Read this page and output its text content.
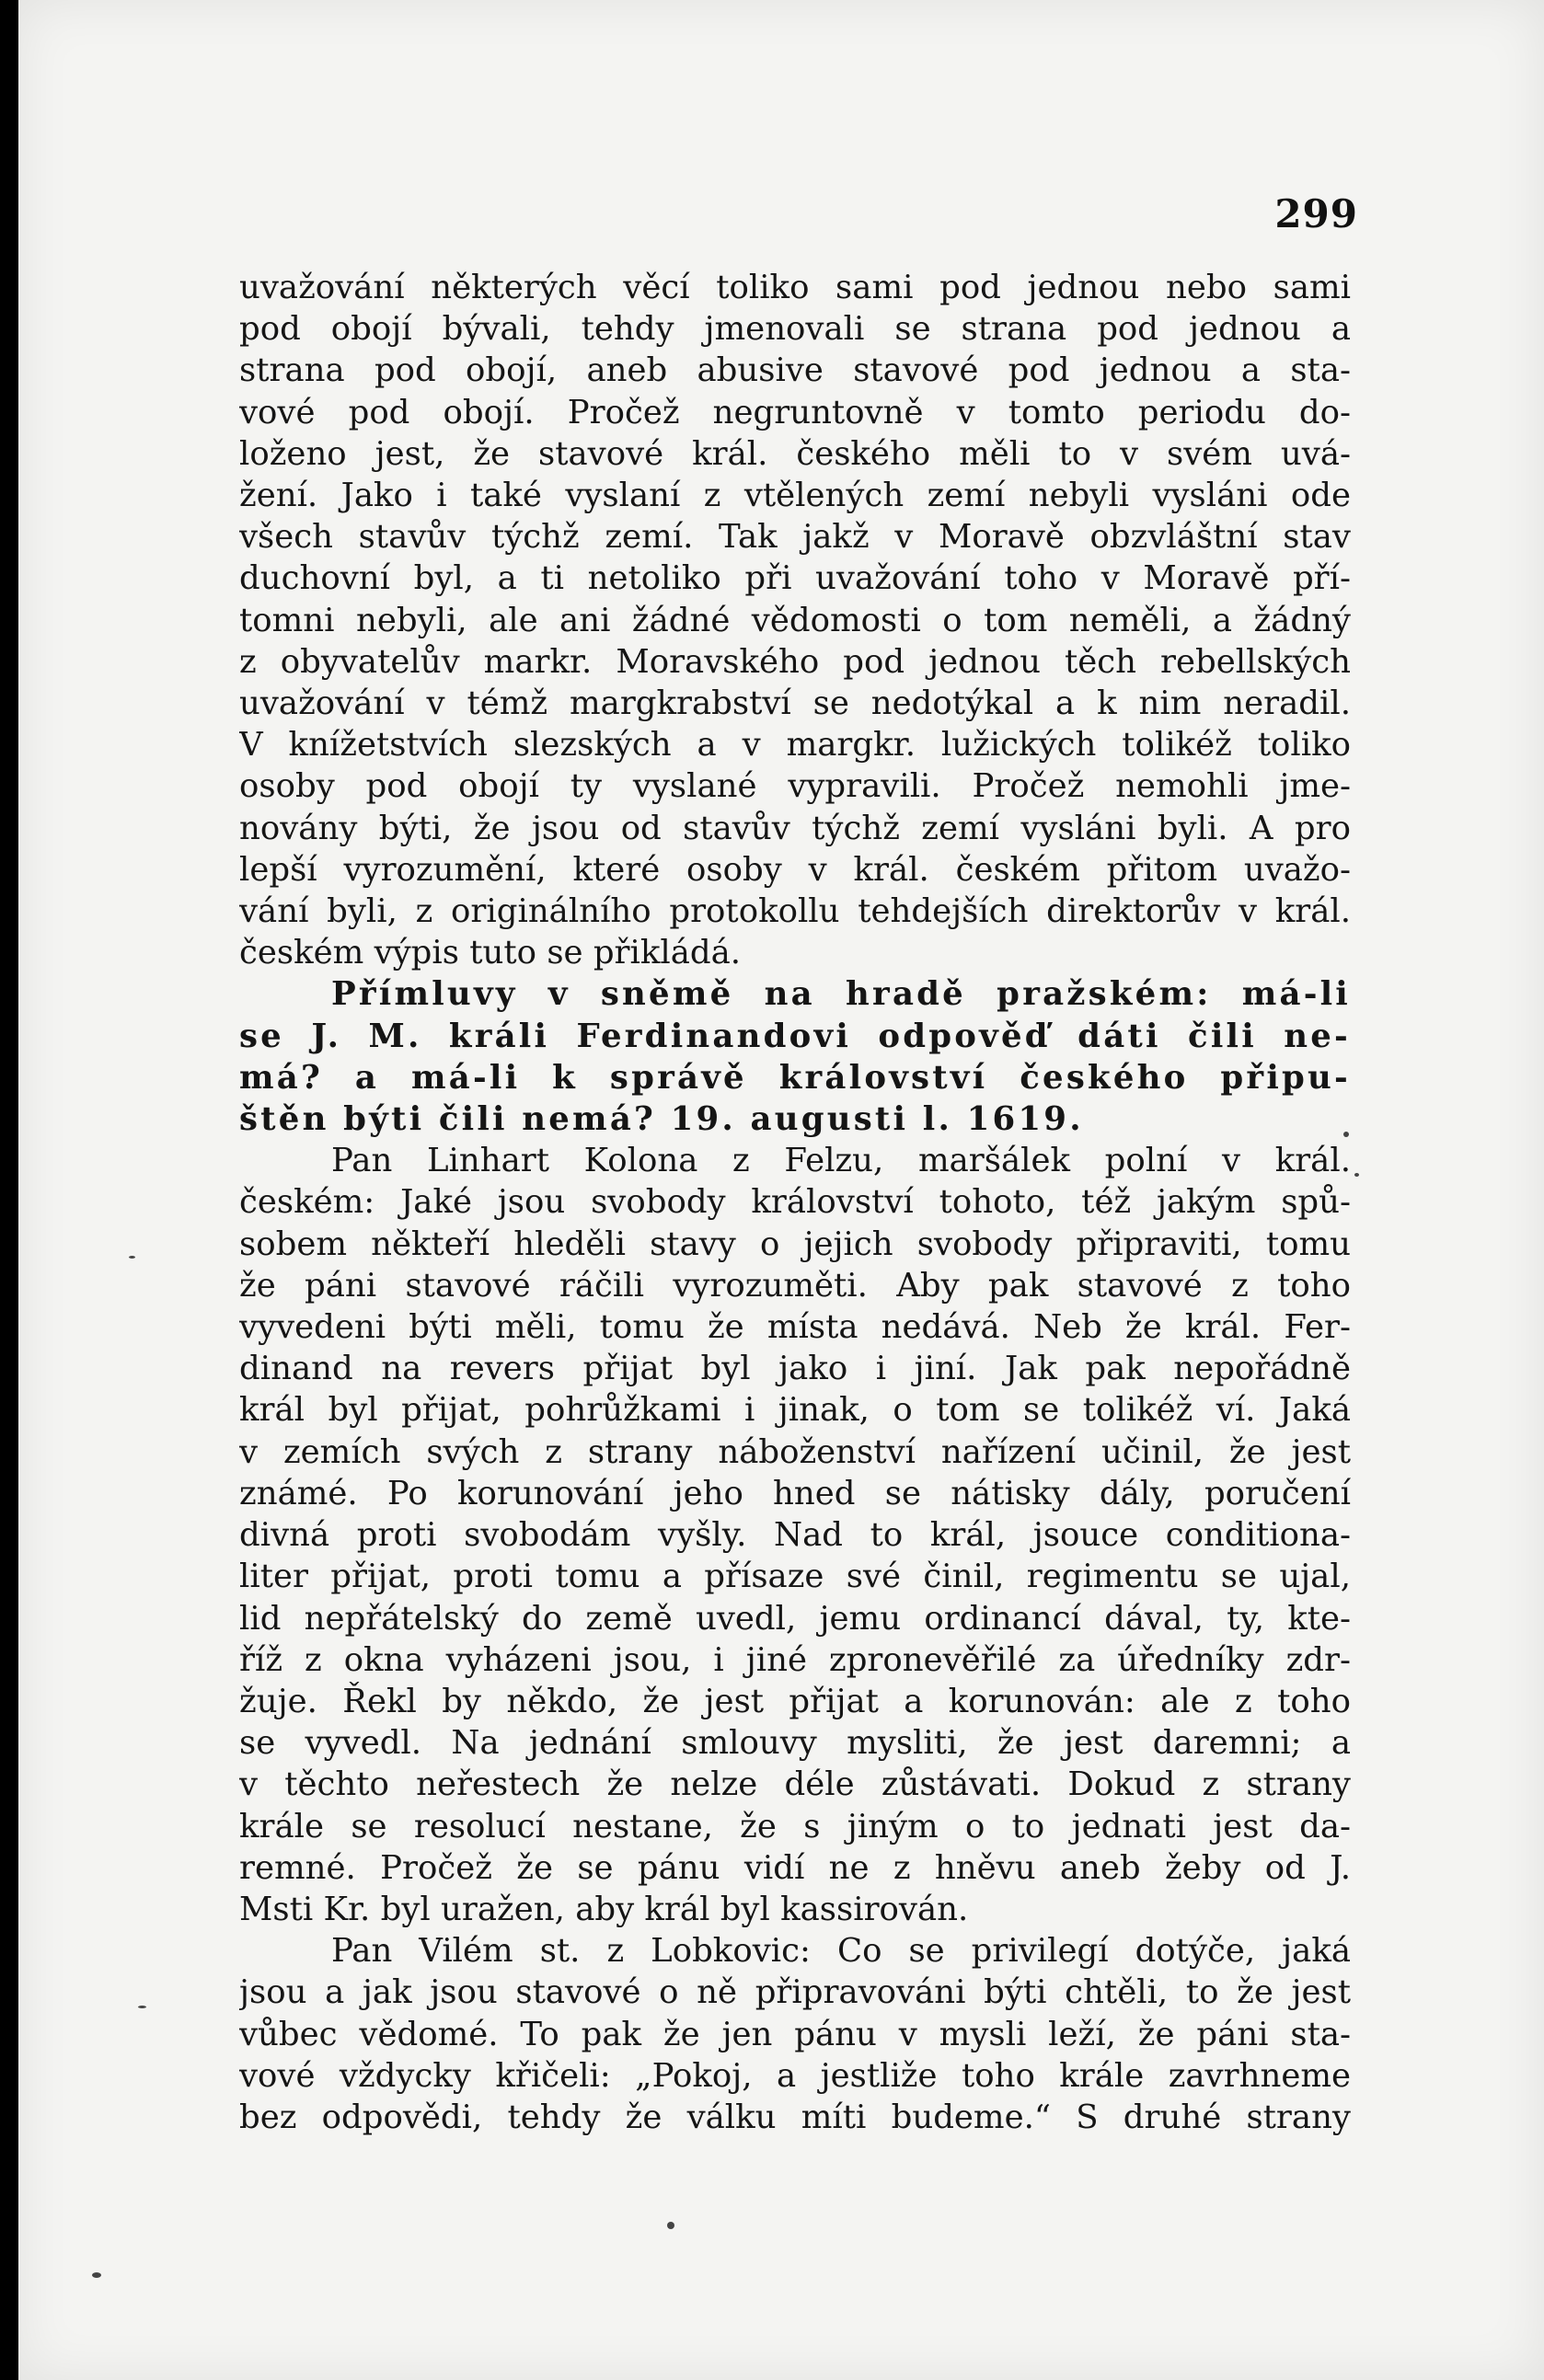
299
uvažování některých věcí toliko sami pod jednou nebo sami
pod obojí bývali, tehdy jmenovali se strana pod jednou a
strana pod obojí, aneb abusive stavové pod jednou a sta-
vové pod obojí. Pročež negruntovně v tomto periodu do-
loženo jest, že stavové král. českého měli to v svém uvá-
žení. Jako i také vyslaní z vtělených zemí nebyli vysláni ode
všech stavův týchž zemí. Tak jakž v Moravě obzvláštní stav
duchovní byl, a ti netoliko při uvažování toho v Moravě pří-
tomni nebyli, ale ani žádné vědomosti o tom neměli, a žádný
z obyvatelův markr. Moravského pod jednou těch rebellských
uvažování v témž margkrabství se nedotýkal a k nim neradil.
V knížetstvích slezských a v margkr. lužických tolikéž toliko
osoby pod obojí ty vyslané vypravili. Pročež nemohli jme-
novány býti, že jsou od stavův týchž zemí vysláni byli. A pro
lepší vyrozumění, které osoby v král. českém přitom uvažo-
vání byli, z originálního protokollu tehdejších direktorův v král.
českém výpis tuto se přikládá.
Přímluvy v sněmě na hradě pražském: má-li
se J. M. králi Ferdinandovi odpověď dáti čili ne-
má? a má-li k správě království českého připu-
štěn býti čili nemá? 19. augusti l. 1619.
Pan Linhart Kolona z Felzu, maršálek polní v král.
českém: Jaké jsou svobody království tohoto, též jakým spů-
sobem někteří hleděli stavy o jejich svobody připraviti, tomu
že páni stavové ráčili vyrozuměti. Aby pak stavové z toho
vyvedeni býti měli, tomu že místa nedává. Neb že král. Fer-
dinand na revers přijat byl jako i jiní. Jak pak nepořádně
král byl přijat, pohrůžkami i jinak, o tom se tolikéž ví. Jaká
v zemích svých z strany náboženství nařízení učinil, že jest
známé. Po korunování jeho hned se nátisky dály, poručení
divná proti svobodám vyšly. Nad to král, jsouce conditiona-
liter přijat, proti tomu a přísaze své činil, regimentu se ujal,
lid nepřátelský do země uvedl, jemu ordinancí dával, ty, kte-
říž z okna vyházeni jsou, i jiné zpronevěřilé za úředníky zdr-
žuje. Řekl by někdo, že jest přijat a korunován: ale z toho
se vyvedl. Na jednání smlouvy mysliti, že jest daremni; a
v těchto neřestech že nelze déle zůstávati. Dokud z strany
krále se resolucí nestane, že s jiným o to jednati jest da-
remné. Pročež že se pánu vidí ne z hněvu aneb žeby od J.
Msti Kr. byl uražen, aby král byl kassirován.
Pan Vilém st. z Lobkovic: Co se privilegí dotýče, jaká
jsou a jak jsou stavové o ně připravováni býti chtěli, to že jest
vůbec vědomé. To pak že jen pánu v mysli leží, že páni sta-
vové vždycky křičeli: „Pokoj, a jestliže toho krále zavrhneme
bez odpovědi, tehdy že válku míti budeme.“ S druhé strany
